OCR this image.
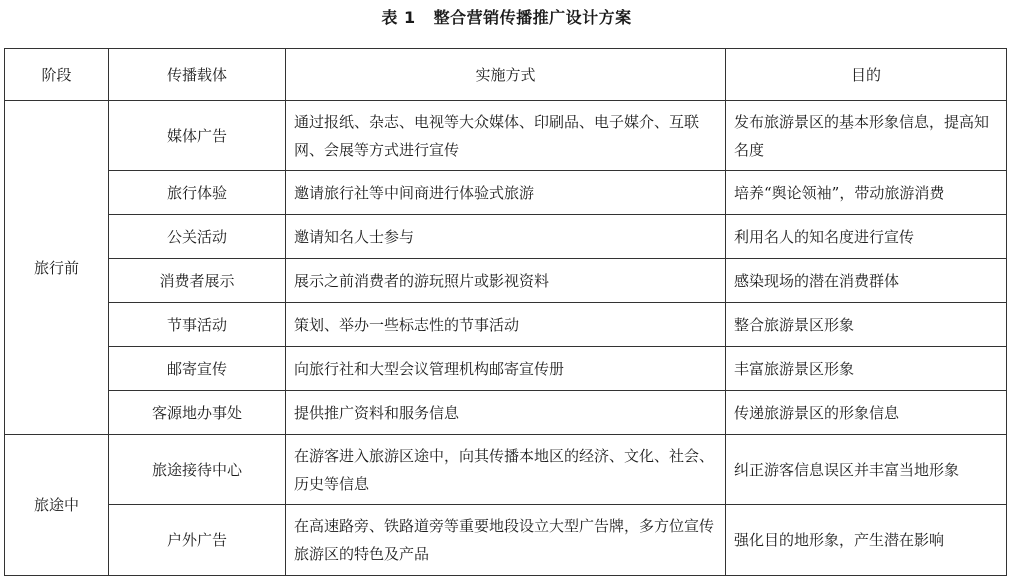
表 1 整合营销传播推广设计方案
阶段	传播载体	实施方式	目的
旅行前	媒体广告	通过报纸、杂志、电视等大众媒体、印刷品、电子媒介、互联网、会展等方式进行宣传	发布旅游景区的基本形象信息，提高知名度
	旅行体验	邀请旅行社等中间商进行体验式旅游	培养“舆论领袖”，带动旅游消费
	公关活动	邀请知名人士参与	利用名人的知名度进行宣传
	消费者展示	展示之前消费者的游玩照片或影视资料	感染现场的潜在消费群体
	节事活动	策划、举办一些标志性的节事活动	整合旅游景区形象
	邮寄宣传	向旅行社和大型会议管理机构邮寄宣传册	丰富旅游景区形象
	客源地办事处	提供推广资料和服务信息	传递旅游景区的形象信息
旅途中	旅途接待中心	在游客进入旅游区途中，向其传播本地区的经济、文化、社会、历史等信息	纠正游客信息误区并丰富当地形象
	户外广告	在高速路旁、铁路道旁等重要地段设立大型广告牌，多方位宣传旅游区的特色及产品	强化目的地形象，产生潜在影响
